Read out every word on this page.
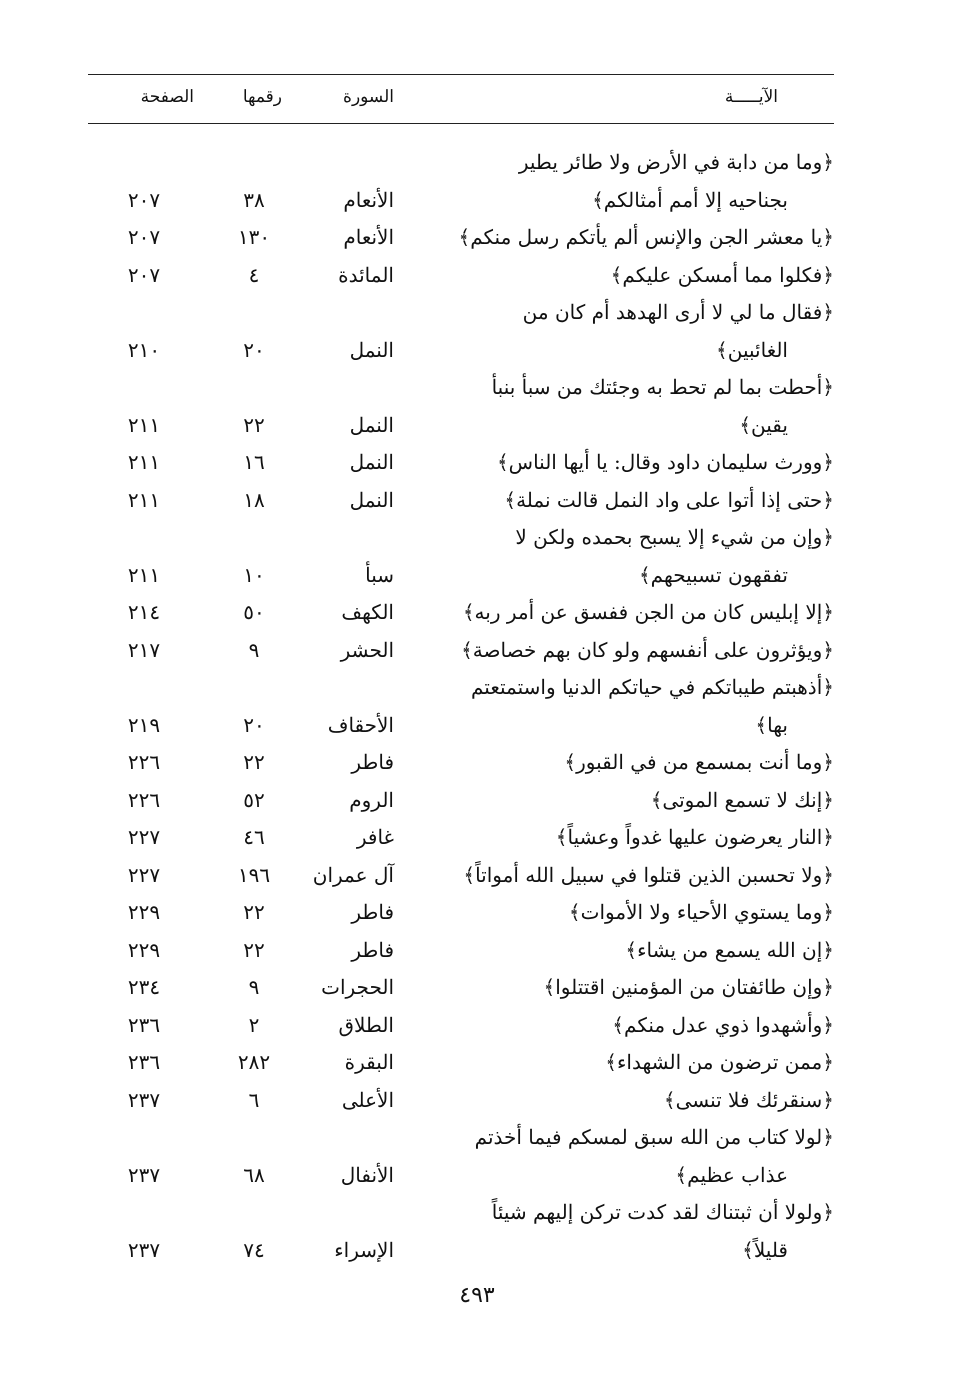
الآيـــــة
السورة
رقمها
الصفحة
﴿وما من دابة في الأرض ولا طائر يطير
بجناحيه إلا أمم أمثالكم﴾
الأنعام
٣٨
٢٠٧
﴿يا معشر الجن والإنس ألم يأتكم رسل منكم﴾
الأنعام
١٣٠
٢٠٧
﴿فكلوا مما أمسكن عليكم﴾
المائدة
٤
٢٠٧
﴿فقال ما لي لا أرى الهدهد أم كان من
الغائبين﴾
النمل
٢٠
٢١٠
﴿أحطت بما لم تحط به وجئتك من سبأ بنبأ
يقين﴾
النمل
٢٢
٢١١
﴿وورث سليمان داود وقال: يا أيها الناس﴾
النمل
١٦
٢١١
﴿حتى إذا أتوا على واد النمل قالت نملة﴾
النمل
١٨
٢١١
﴿وإن من شيء إلا يسبح بحمده ولكن لا
تفقهون تسبيحهم﴾
سبأ
١٠
٢١١
﴿إلا إبليس كان من الجن ففسق عن أمر ربه﴾
الكهف
٥٠
٢١٤
﴿ويؤثرون على أنفسهم ولو كان بهم خصاصة﴾
الحشر
٩
٢١٧
﴿أذهبتم طيباتكم في حياتكم الدنيا واستمتعتم
بها﴾
الأحقاف
٢٠
٢١٩
﴿وما أنت بمسمع من في القبور﴾
فاطر
٢٢
٢٢٦
﴿إنك لا تسمع الموتى﴾
الروم
٥٢
٢٢٦
﴿النار يعرضون عليها غدواً وعشياً﴾
غافر
٤٦
٢٢٧
﴿ولا تحسبن الذين قتلوا في سبيل الله أمواتاً﴾
آل عمران
١٩٦
٢٢٧
﴿وما يستوي الأحياء ولا الأموات﴾
فاطر
٢٢
٢٢٩
﴿إن الله يسمع من يشاء﴾
فاطر
٢٢
٢٢٩
﴿وإن طائفتان من المؤمنين اقتتلوا﴾
الحجرات
٩
٢٣٤
﴿وأشهدوا ذوي عدل منكم﴾
الطلاق
٢
٢٣٦
﴿ممن ترضون من الشهداء﴾
البقرة
٢٨٢
٢٣٦
﴿سنقرئك فلا تنسى﴾
الأعلى
٦
٢٣٧
﴿لولا كتاب من الله سبق لمسكم فيما أخذتم
عذاب عظيم﴾
الأنفال
٦٨
٢٣٧
﴿ولولا أن ثبتناك لقد كدت تركن إليهم شيئاً
قليلاً﴾
الإسراء
٧٤
٢٣٧
٤٩٣
